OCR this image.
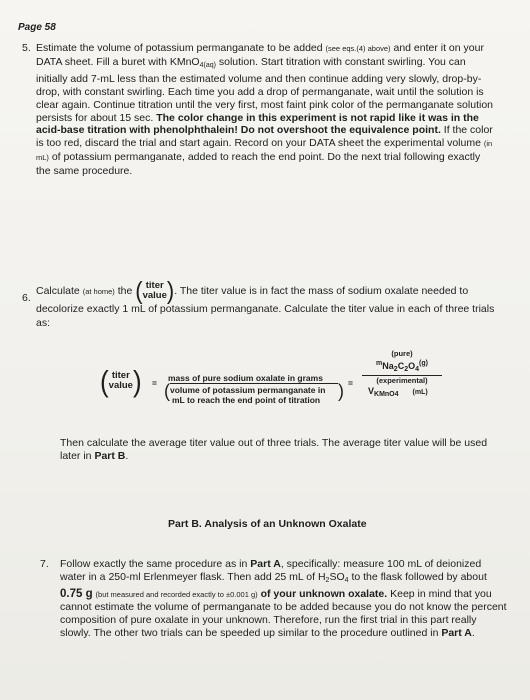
Page 58
5. Estimate the volume of potassium permanganate to be added (see eqs.(4) above) and enter it on your DATA sheet. Fill a buret with KMnO$_{4(aq)}$ solution. Start titration with constant swirling. You can initially add 7-mL less than the estimated volume and then continue adding very slowly, drop-by-drop, with constant swirling. Each time you add a drop of permanganate, wait until the solution is clear again. Continue titration until the very first, most faint pink color of the permanganate solution persists for about 15 sec. The color change in this experiment is not rapid like it was in the acid-base titration with phenolphthalein! Do not overshoot the equivalence point. If the color is too red, discard the trial and start again. Record on your DATA sheet the experimental volume (in mL) of potassium permanganate, added to reach the end point. Do the next trial following exactly the same procedure.

6.

Calculate (at home) the ( titer
value ). The titer value is in fact the mass of sodium oxalate needed to decolorize exactly 1 mL of potassium permanganate. Calculate the titer value in each of three trials as:

( titer
value ) =	mass of pure sodium oxalate in grams
( volume of potassium permanganate in
mL to reach the end point of titration ) =
(pure)
$^mNa_2C_2O_4^{(g)}$
(experimental)
$V_{KMnO4}$ (mL)

Then calculate the average titer value out of three trials. The average titer value will be used later in Part B.

Part B. Analysis of an Unknown Oxalate
7. Follow exactly the same procedure as in Part A, specifically: measure 100 mL of deionized water in a 250-ml Erlenmeyer flask. Then add 25 mL of $H_2SO_4$ to the flask followed by about 0.75 g (but measured and recorded exactly to ±0.001 g) of your unknown oxalate. Keep in mind that you cannot estimate the volume of permanganate to be added because you do not know the percent composition of pure oxalate in your unknown. Therefore, run the first trial in this part really slowly. The other two trials can be speeded up similar to the procedure outlined in Part A.
